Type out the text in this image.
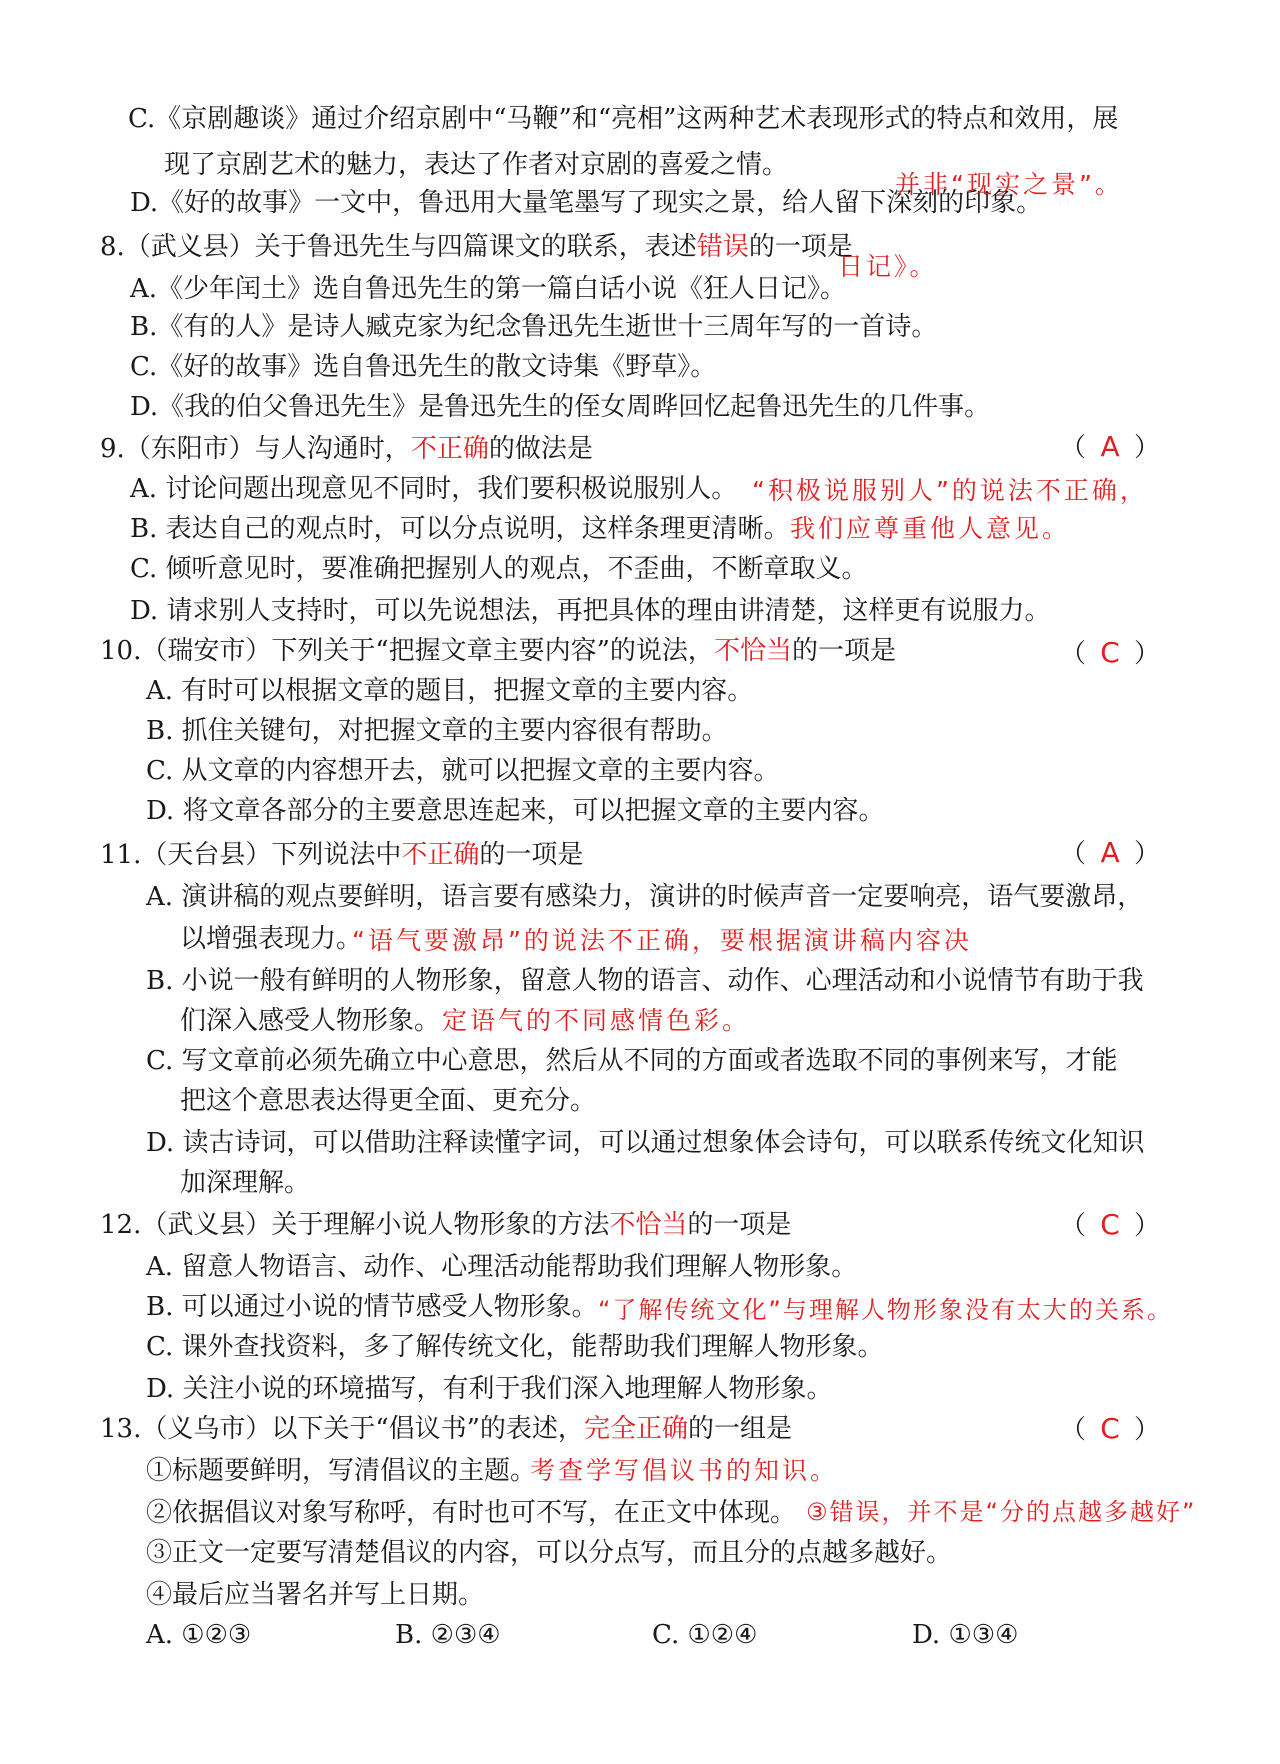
C.《京剧趣谈》通过介绍京剧中“马鞭”和“亮相”这两种艺术表现形式的特点和效用，展
现了京剧艺术的魅力，表达了作者对京剧的喜爱之情。
D.《好的故事》一文中，鲁迅用大量笔墨写了现实之景，给人留下深刻的印象。
并非“现实之景”。
8.（武义县）关于鲁迅先生与四篇课文的联系，表述错误的一项是
A.《少年闰土》选自鲁迅先生的第一篇白话小说《狂人日记》。
日记》。
B.《有的人》是诗人臧克家为纪念鲁迅先生逝世十三周年写的一首诗。
C.《好的故事》选自鲁迅先生的散文诗集《野草》。
D.《我的伯父鲁迅先生》是鲁迅先生的侄女周晔回忆起鲁迅先生的几件事。
9.（东阳市）与人沟通时，不正确的做法是	（ A ）
A. 讨论问题出现意见不同时，我们要积极说服别人。 “积极说服别人”的说法不正确，
B. 表达自己的观点时，可以分点说明，这样条理更清晰。 我们应尊重他人意见。
C. 倾听意见时，要准确把握别人的观点，不歪曲，不断章取义。
D. 请求别人支持时，可以先说想法，再把具体的理由讲清楚，这样更有说服力。
10.（瑞安市）下列关于“把握文章主要内容”的说法，不恰当的一项是	（ C ）
A. 有时可以根据文章的题目，把握文章的主要内容。
B. 抓住关键句，对把握文章的主要内容很有帮助。
C. 从文章的内容想开去，就可以把握文章的主要内容。
D. 将文章各部分的主要意思连起来，可以把握文章的主要内容。
11.（天台县）下列说法中不正确的一项是	（ A ）
A. 演讲稿的观点要鲜明，语言要有感染力，演讲的时候声音一定要响亮，语气要激昂，
以增强表现力。
“语气要激昂”的说法不正确，要根据演讲稿内容决
B. 小说一般有鲜明的人物形象，留意人物的语言、动作、心理活动和小说情节有助于我
们深入感受人物形象。 定语气的不同感情色彩。
C. 写文章前必须先确立中心意思，然后从不同的方面或者选取不同的事例来写，才能
把这个意思表达得更全面、更充分。
D. 读古诗词，可以借助注释读懂字词，可以通过想象体会诗句，可以联系传统文化知识
加深理解。
12.（武义县）关于理解小说人物形象的方法不恰当的一项是	（ C ）
A. 留意人物语言、动作、心理活动能帮助我们理解人物形象。
B. 可以通过小说的情节感受人物形象。 “了解传统文化”与理解人物形象没有太大的关系。
C. 课外查找资料，多了解传统文化，能帮助我们理解人物形象。
D. 关注小说的环境描写，有利于我们深入地理解人物形象。
13.（义乌市）以下关于“倡议书”的表述，完全正确的一组是	（ C ）
①标题要鲜明，写清倡议的主题。
考查学写倡议书的知识。
②依据倡议对象写称呼，有时也可不写，在正文中体现。 ③错误，并不是“分的点越多越好”
③正文一定要写清楚倡议的内容，可以分点写，而且分的点越多越好。
④最后应当署名并写上日期。
A. ①②③	B. ②③④	C. ①②④	D. ①③④
